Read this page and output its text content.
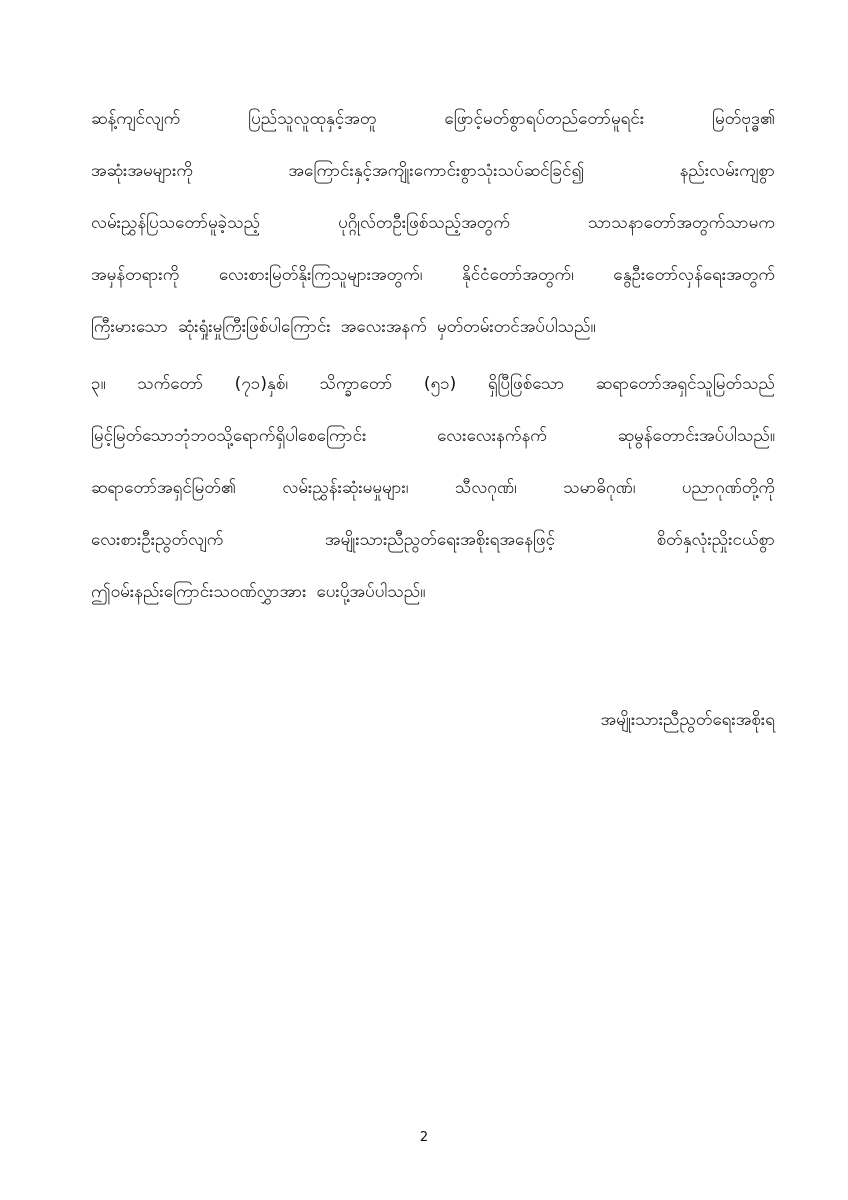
ဆန့်ကျင်လျက်	ပြည်သူလူထုနှင့်အတူ	ဖြောင့်မတ်စွာရပ်တည်တော်မူရင်း	မြတ်ဗုဒ္ဓ၏
အဆုံးအမများကို	အကြောင်းနှင့်အကျိုးကောင်းစွာသုံးသပ်ဆင်ခြင်၍	နည်းလမ်းကျစွာ
လမ်းညွှန်ပြသတော်မူခဲ့သည့်	ပုဂ္ဂိုလ်တဦးဖြစ်သည့်အတွက်	သာသနာတော်အတွက်သာမက
အမှန်တရားကို လေးစားမြတ်နိုးကြသူများအတွက်၊ နိုင်ငံတော်အတွက်၊ နွေဦးတော်လှန်ရေးအတွက်
ကြီးမားသော ဆုံးရှုံးမှုကြီးဖြစ်ပါကြောင်း အလေးအနက် မှတ်တမ်းတင်အပ်ပါသည်။
၃။ သက်တော် (၇၁)နှစ်၊ သိက္ခာတော် (၅၁) ရှိပြီဖြစ်သော ဆရာတော်အရှင်သူမြတ်သည်
မြင့်မြတ်သောဘုံဘဝသို့ရောက်ရှိပါစေကြောင်း	လေးလေးနက်နက်	ဆုမွန်တောင်းအပ်ပါသည်။
ဆရာတော်အရှင်မြတ်၏	လမ်းညွှန်းဆုံးမမှုများ၊	သီလဂုဏ်၊	သမာဓိဂုဏ်၊	ပညာဂုဏ်တို့ကို
လေးစားဦးညွတ်လျက်	အမျိုးသားညီညွတ်ရေးအစိုးရအနေဖြင့်	စိတ်နှလုံးညှိုးငယ်စွာ
ဤဝမ်းနည်းကြောင်းသဝဏ်လွှာအား ပေးပို့အပ်ပါသည်။
အမျိုးသားညီညွတ်ရေးအစိုးရ
2
